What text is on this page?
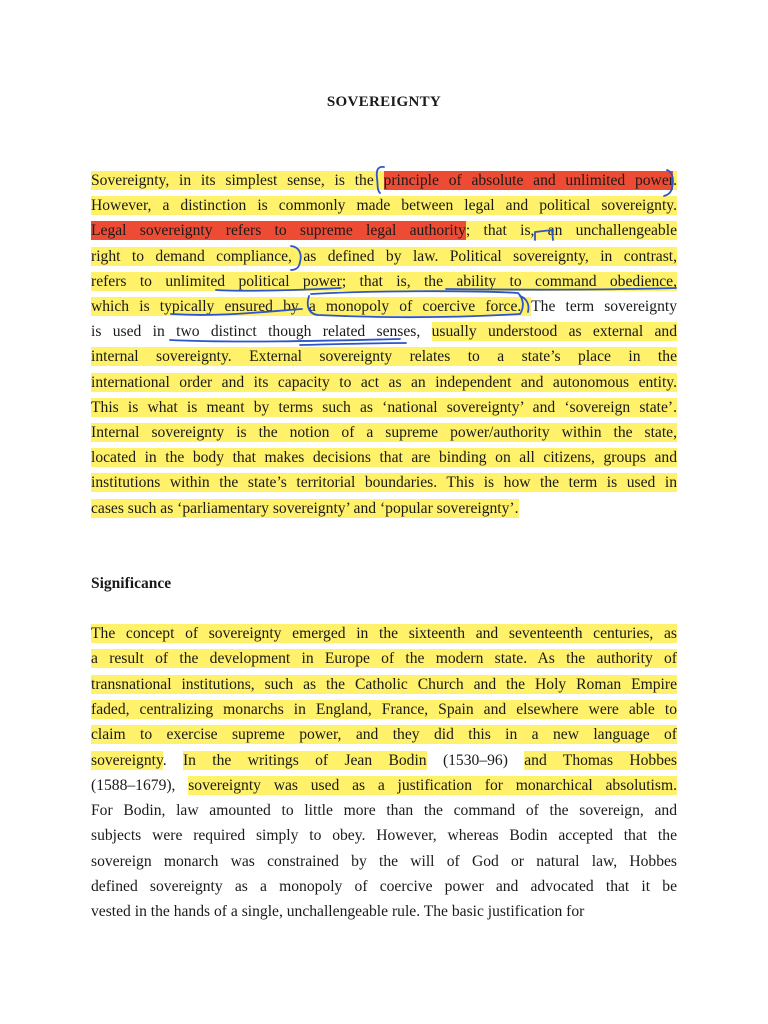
SOVEREIGNTY
Sovereignty, in its simplest sense, is the principle of absolute and unlimited power.
However, a distinction is commonly made between legal and political sovereignty.
Legal sovereignty refers to supreme legal authority; that is, an unchallengeable
right to demand compliance, as defined by law. Political sovereignty, in contrast,
refers to unlimited political power; that is, the ability to command obedience,
which is typically ensured by a monopoly of coercive force. The term sovereignty
is used in two distinct though related senses, usually understood as external and
internal sovereignty. External sovereignty relates to a state’s place in the
international order and its capacity to act as an independent and autonomous entity.
This is what is meant by terms such as ‘national sovereignty’ and ‘sovereign state’.
Internal sovereignty is the notion of a supreme power/authority within the state,
located in the body that makes decisions that are binding on all citizens, groups and
institutions within the state’s territorial boundaries. This is how the term is used in
cases such as ‘parliamentary sovereignty’ and ‘popular sovereignty’.
Significance
The concept of sovereignty emerged in the sixteenth and seventeenth centuries, as
a result of the development in Europe of the modern state. As the authority of
transnational institutions, such as the Catholic Church and the Holy Roman Empire
faded, centralizing monarchs in England, France, Spain and elsewhere were able to
claim to exercise supreme power, and they did this in a new language of
sovereignty. In the writings of Jean Bodin (1530–96) and Thomas Hobbes
(1588–1679), sovereignty was used as a justification for monarchical absolutism.
For Bodin, law amounted to little more than the command of the sovereign, and
subjects were required simply to obey. However, whereas Bodin accepted that the
sovereign monarch was constrained by the will of God or natural law, Hobbes
defined sovereignty as a monopoly of coercive power and advocated that it be
vested in the hands of a single, unchallengeable rule. The basic justification for
